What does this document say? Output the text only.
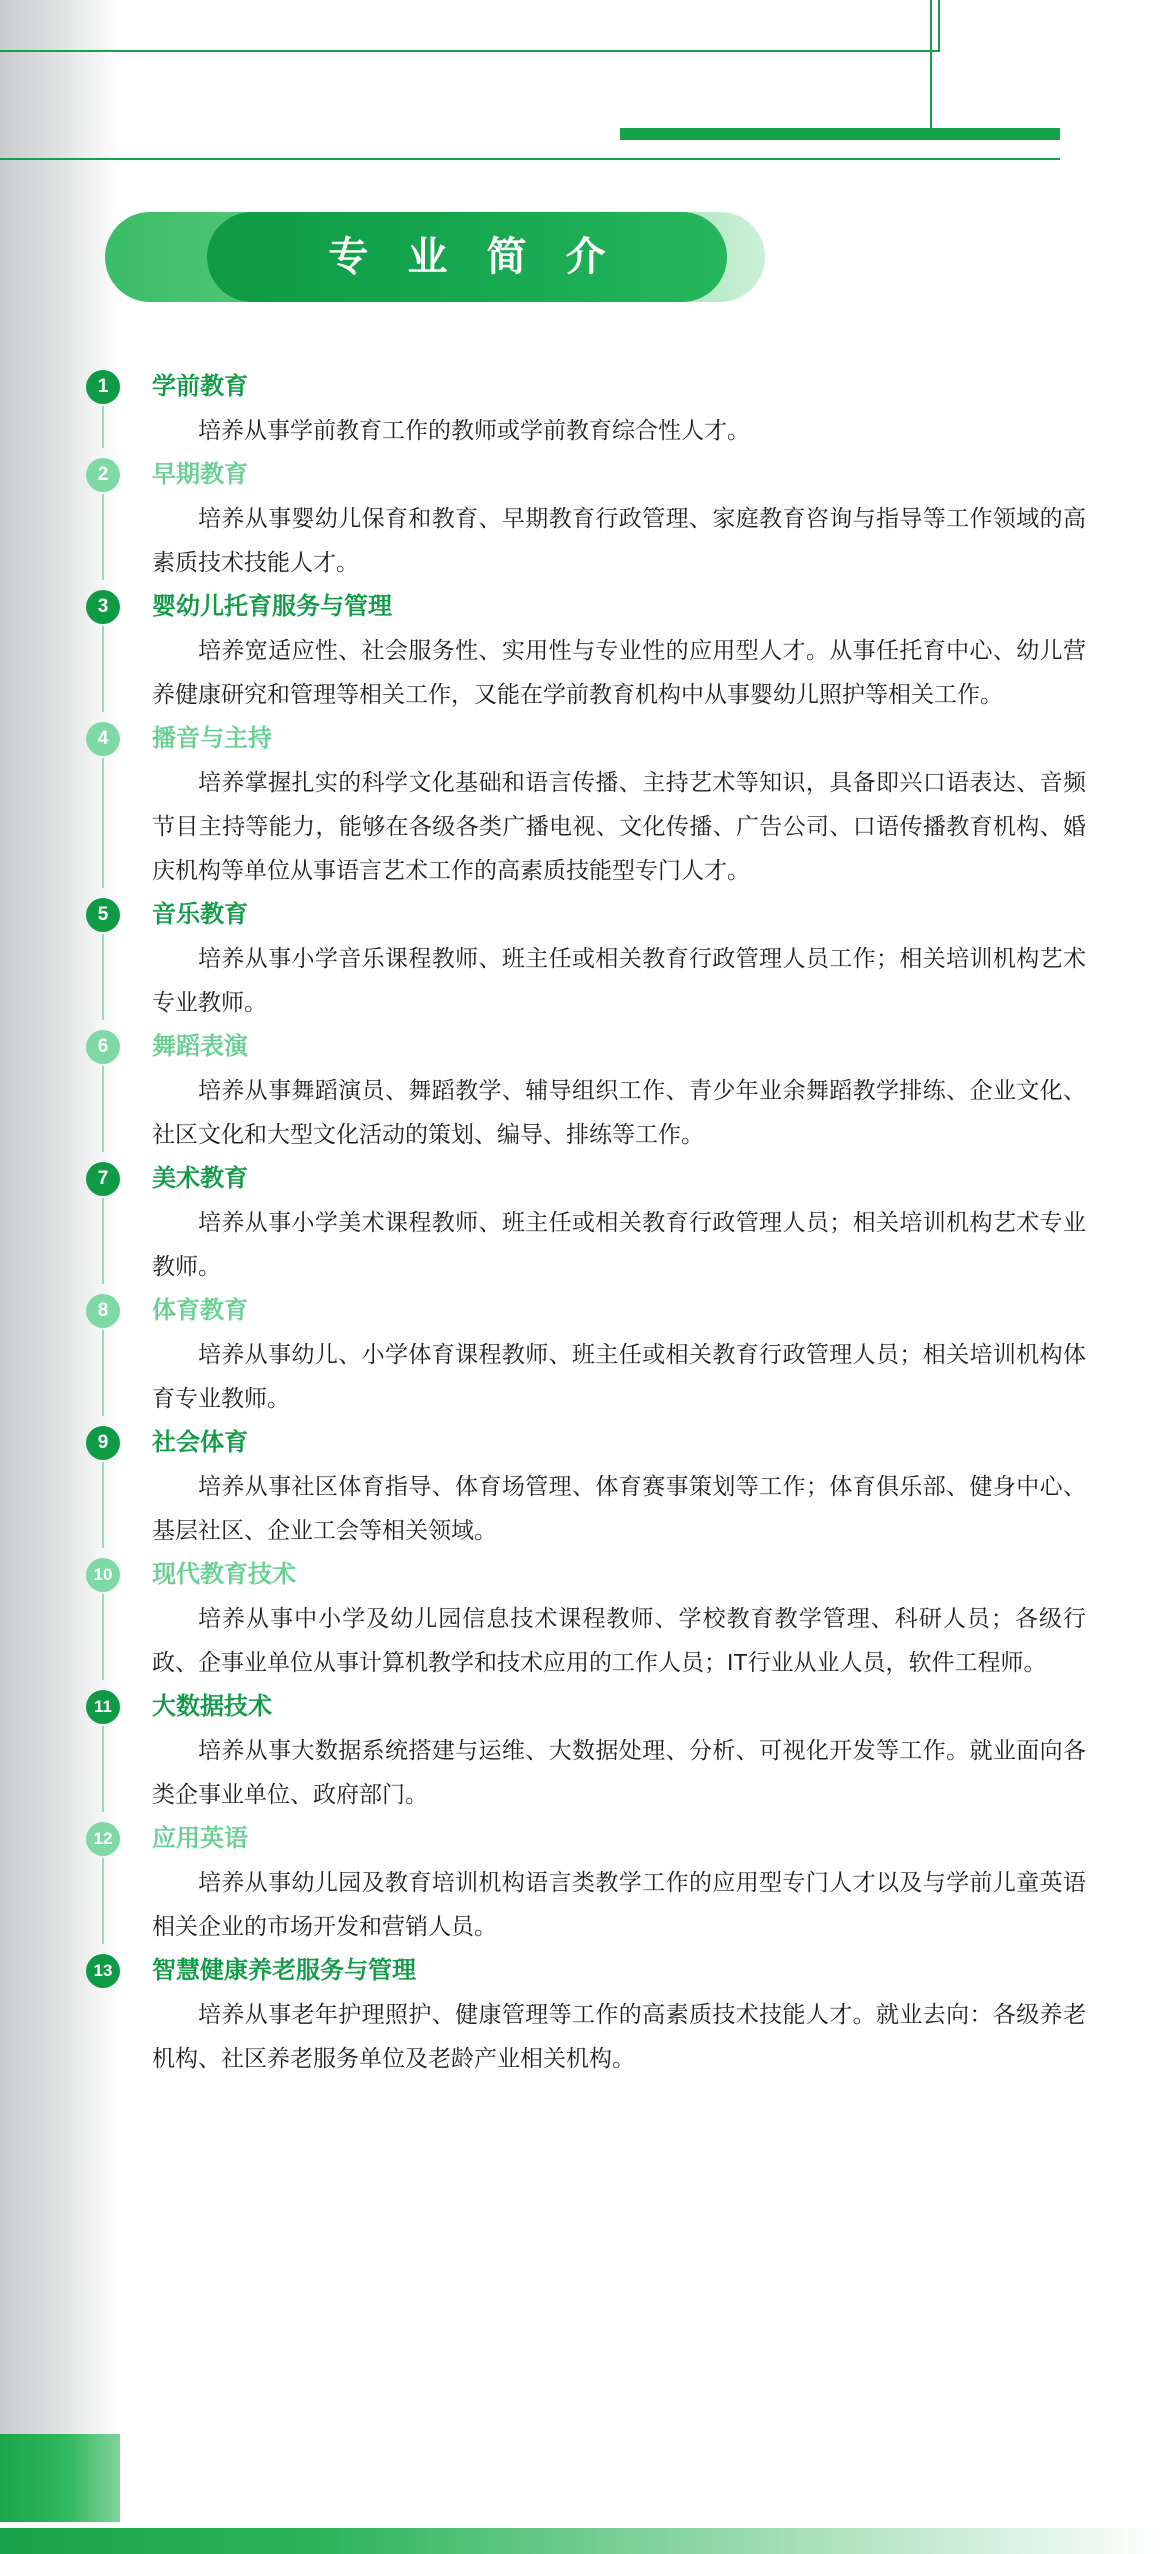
专 业 简 介
1	学前教育

培养从事学前教育工作的教师或学前教育综合性人才。

2	早期教育

培养从事婴幼儿保育和教育、早期教育行政管理、家庭教育咨询与指导等工作领域的高素质技术技能人才。

3	婴幼儿托育服务与管理

培养宽适应性、社会服务性、实用性与专业性的应用型人才。从事任托育中心、幼儿营养健康研究和管理等相关工作，又能在学前教育机构中从事婴幼儿照护等相关工作。

4	播音与主持

培养掌握扎实的科学文化基础和语言传播、主持艺术等知识，具备即兴口语表达、音频节目主持等能力，能够在各级各类广播电视、文化传播、广告公司、口语传播教育机构、婚庆机构等单位从事语言艺术工作的高素质技能型专门人才。

5	音乐教育

培养从事小学音乐课程教师、班主任或相关教育行政管理人员工作；相关培训机构艺术专业教师。

6	舞蹈表演

培养从事舞蹈演员、舞蹈教学、辅导组织工作、青少年业余舞蹈教学排练、企业文化、社区文化和大型文化活动的策划、编导、排练等工作。

7	美术教育

培养从事小学美术课程教师、班主任或相关教育行政管理人员；相关培训机构艺术专业教师。

8	体育教育

培养从事幼儿、小学体育课程教师、班主任或相关教育行政管理人员；相关培训机构体育专业教师。

9	社会体育

培养从事社区体育指导、体育场管理、体育赛事策划等工作；体育俱乐部、健身中心、基层社区、企业工会等相关领域。

10	现代教育技术

培养从事中小学及幼儿园信息技术课程教师、学校教育教学管理、科研人员；各级行政、企事业单位从事计算机教学和技术应用的工作人员；IT行业从业人员，软件工程师。

11	大数据技术

培养从事大数据系统搭建与运维、大数据处理、分析、可视化开发等工作。就业面向各类企事业单位、政府部门。

12	应用英语

培养从事幼儿园及教育培训机构语言类教学工作的应用型专门人才以及与学前儿童英语相关企业的市场开发和营销人员。

13	智慧健康养老服务与管理

培养从事老年护理照护、健康管理等工作的高素质技术技能人才。就业去向：各级养老机构、社区养老服务单位及老龄产业相关机构。
